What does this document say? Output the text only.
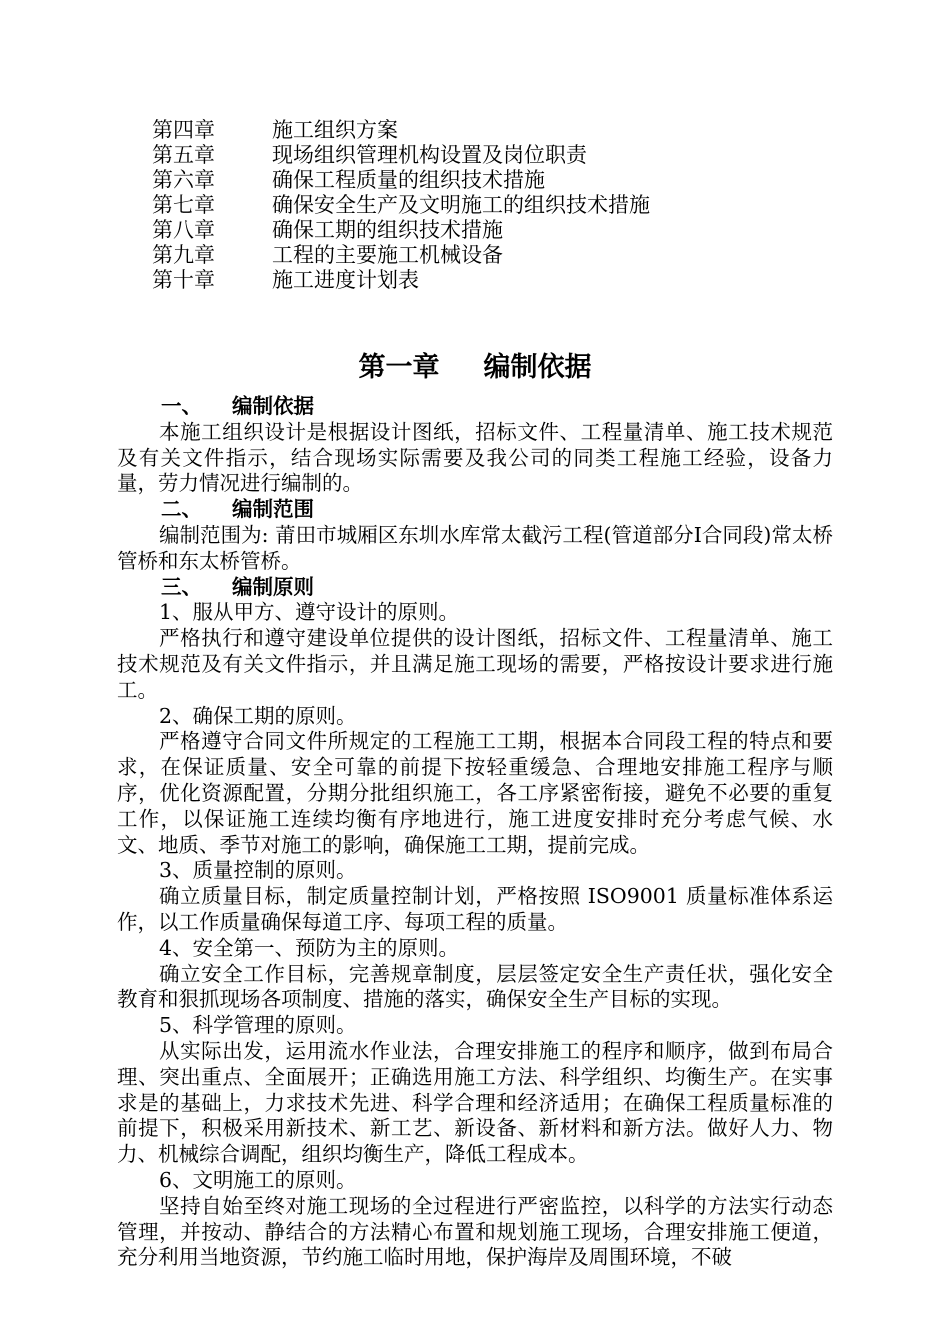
第四章	施工组织方案
第五章	现场组织管理机构设置及岗位职责
第六章	确保工程质量的组织技术措施
第七章	确保安全生产及文明施工的组织技术措施
第八章	确保工期的组织技术措施
第九章	工程的主要施工机械设备
第十章	施工进度计划表
第一章 编制依据
一、 编制依据

本施工组织设计是根据设计图纸，招标文件、工程量清单、施工技术规范及有关文件指示，结合现场实际需要及我公司的同类工程施工经验，设备力量，劳力情况进行编制的。

二、 编制范围

编制范围为: 莆田市城厢区东圳水库常太截污工程(管道部分Ⅰ合同段)常太桥管桥和东太桥管桥。

三、 编制原则
1、服从甲方、遵守设计的原则。

严格执行和遵守建设单位提供的设计图纸，招标文件、工程量清单、施工技术规范及有关文件指示，并且满足施工现场的需要，严格按设计要求进行施工。

2、确保工期的原则。

严格遵守合同文件所规定的工程施工工期，根据本合同段工程的特点和要求，在保证质量、安全可靠的前提下按轻重缓急、合理地安排施工程序与顺序，优化资源配置，分期分批组织施工，各工序紧密衔接，避免不必要的重复工作，以保证施工连续均衡有序地进行，施工进度安排时充分考虑气候、水文、地质、季节对施工的影响，确保施工工期，提前完成。

3、质量控制的原则。

确立质量目标，制定质量控制计划，严格按照 ISO9001 质量标准体系运作，以工作质量确保每道工序、每项工程的质量。

4、安全第一、预防为主的原则。

确立安全工作目标，完善规章制度，层层签定安全生产责任状，强化安全教育和狠抓现场各项制度、措施的落实，确保安全生产目标的实现。

5、科学管理的原则。

从实际出发，运用流水作业法，合理安排施工的程序和顺序，做到布局合理、突出重点、全面展开；正确选用施工方法、科学组织、均衡生产。在实事求是的基础上，力求技术先进、科学合理和经济适用；在确保工程质量标准的前提下，积极采用新技术、新工艺、新设备、新材料和新方法。做好人力、物力、机械综合调配，组织均衡生产，降低工程成本。

6、文明施工的原则。

坚持自始至终对施工现场的全过程进行严密监控，以科学的方法实行动态管理，并按动、静结合的方法精心布置和规划施工现场，合理安排施工便道，充分利用当地资源，节约施工临时用地，保护海岸及周围环境，不破
